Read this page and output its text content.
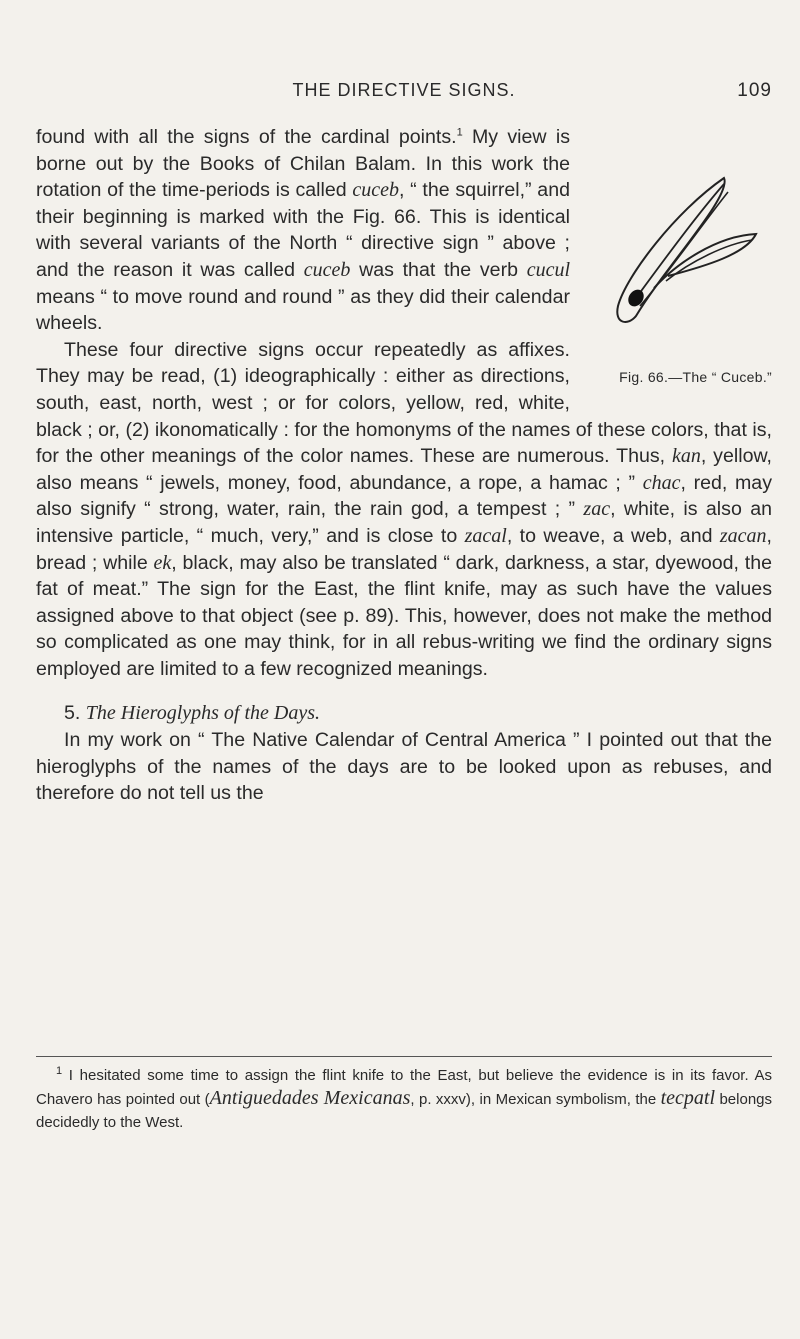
THE DIRECTIVE SIGNS.	109
Fig. 66.—The “ Cuceb.”

found with all the signs of the cardinal points.$^1$ My view is borne out by the Books of Chilan Balam. In this work the rotation of the time-periods is called cuceb, “ the squirrel,” and their beginning is marked with the Fig. 66. This is identical with several variants of the North “ directive sign ” above ; and the reason it was called cuceb was that the verb cucul means “ to move round and round ” as they did their calendar wheels.

These four directive signs occur repeatedly as affixes. They may be read, (1) ideographically : either as directions, south, east, north, west ; or for colors, yellow, red, white, black ; or, (2) ikonomatically : for the homonyms of the names of these colors, that is, for the other meanings of the color names. These are numerous. Thus, kan, yellow, also means “ jewels, money, food, abundance, a rope, a hamac ; ” chac, red, may also signify “ strong, water, rain, the rain god, a tempest ; ” zac, white, is also an intensive particle, “ much, very,” and is close to zacal, to weave, a web, and zacan, bread ; while ek, black, may also be translated “ dark, darkness, a star, dyewood, the fat of meat.” The sign for the East, the flint knife, may as such have the values assigned above to that object (see p. 89). This, however, does not make the method so complicated as one may think, for in all rebus-writing we find the ordinary signs employed are limited to a few recognized meanings.

5. The Hieroglyphs of the Days.

In my work on “ The Native Calendar of Central America ” I pointed out that the hieroglyphs of the names of the days are to be looked upon as rebuses, and therefore do not tell us the

$^1$ I hesitated some time to assign the flint knife to the East, but believe the evidence is in its favor. As Chavero has pointed out (Antiguedades Mexicanas, p. xxxv), in Mexican symbolism, the tecpatl belongs decidedly to the West.
